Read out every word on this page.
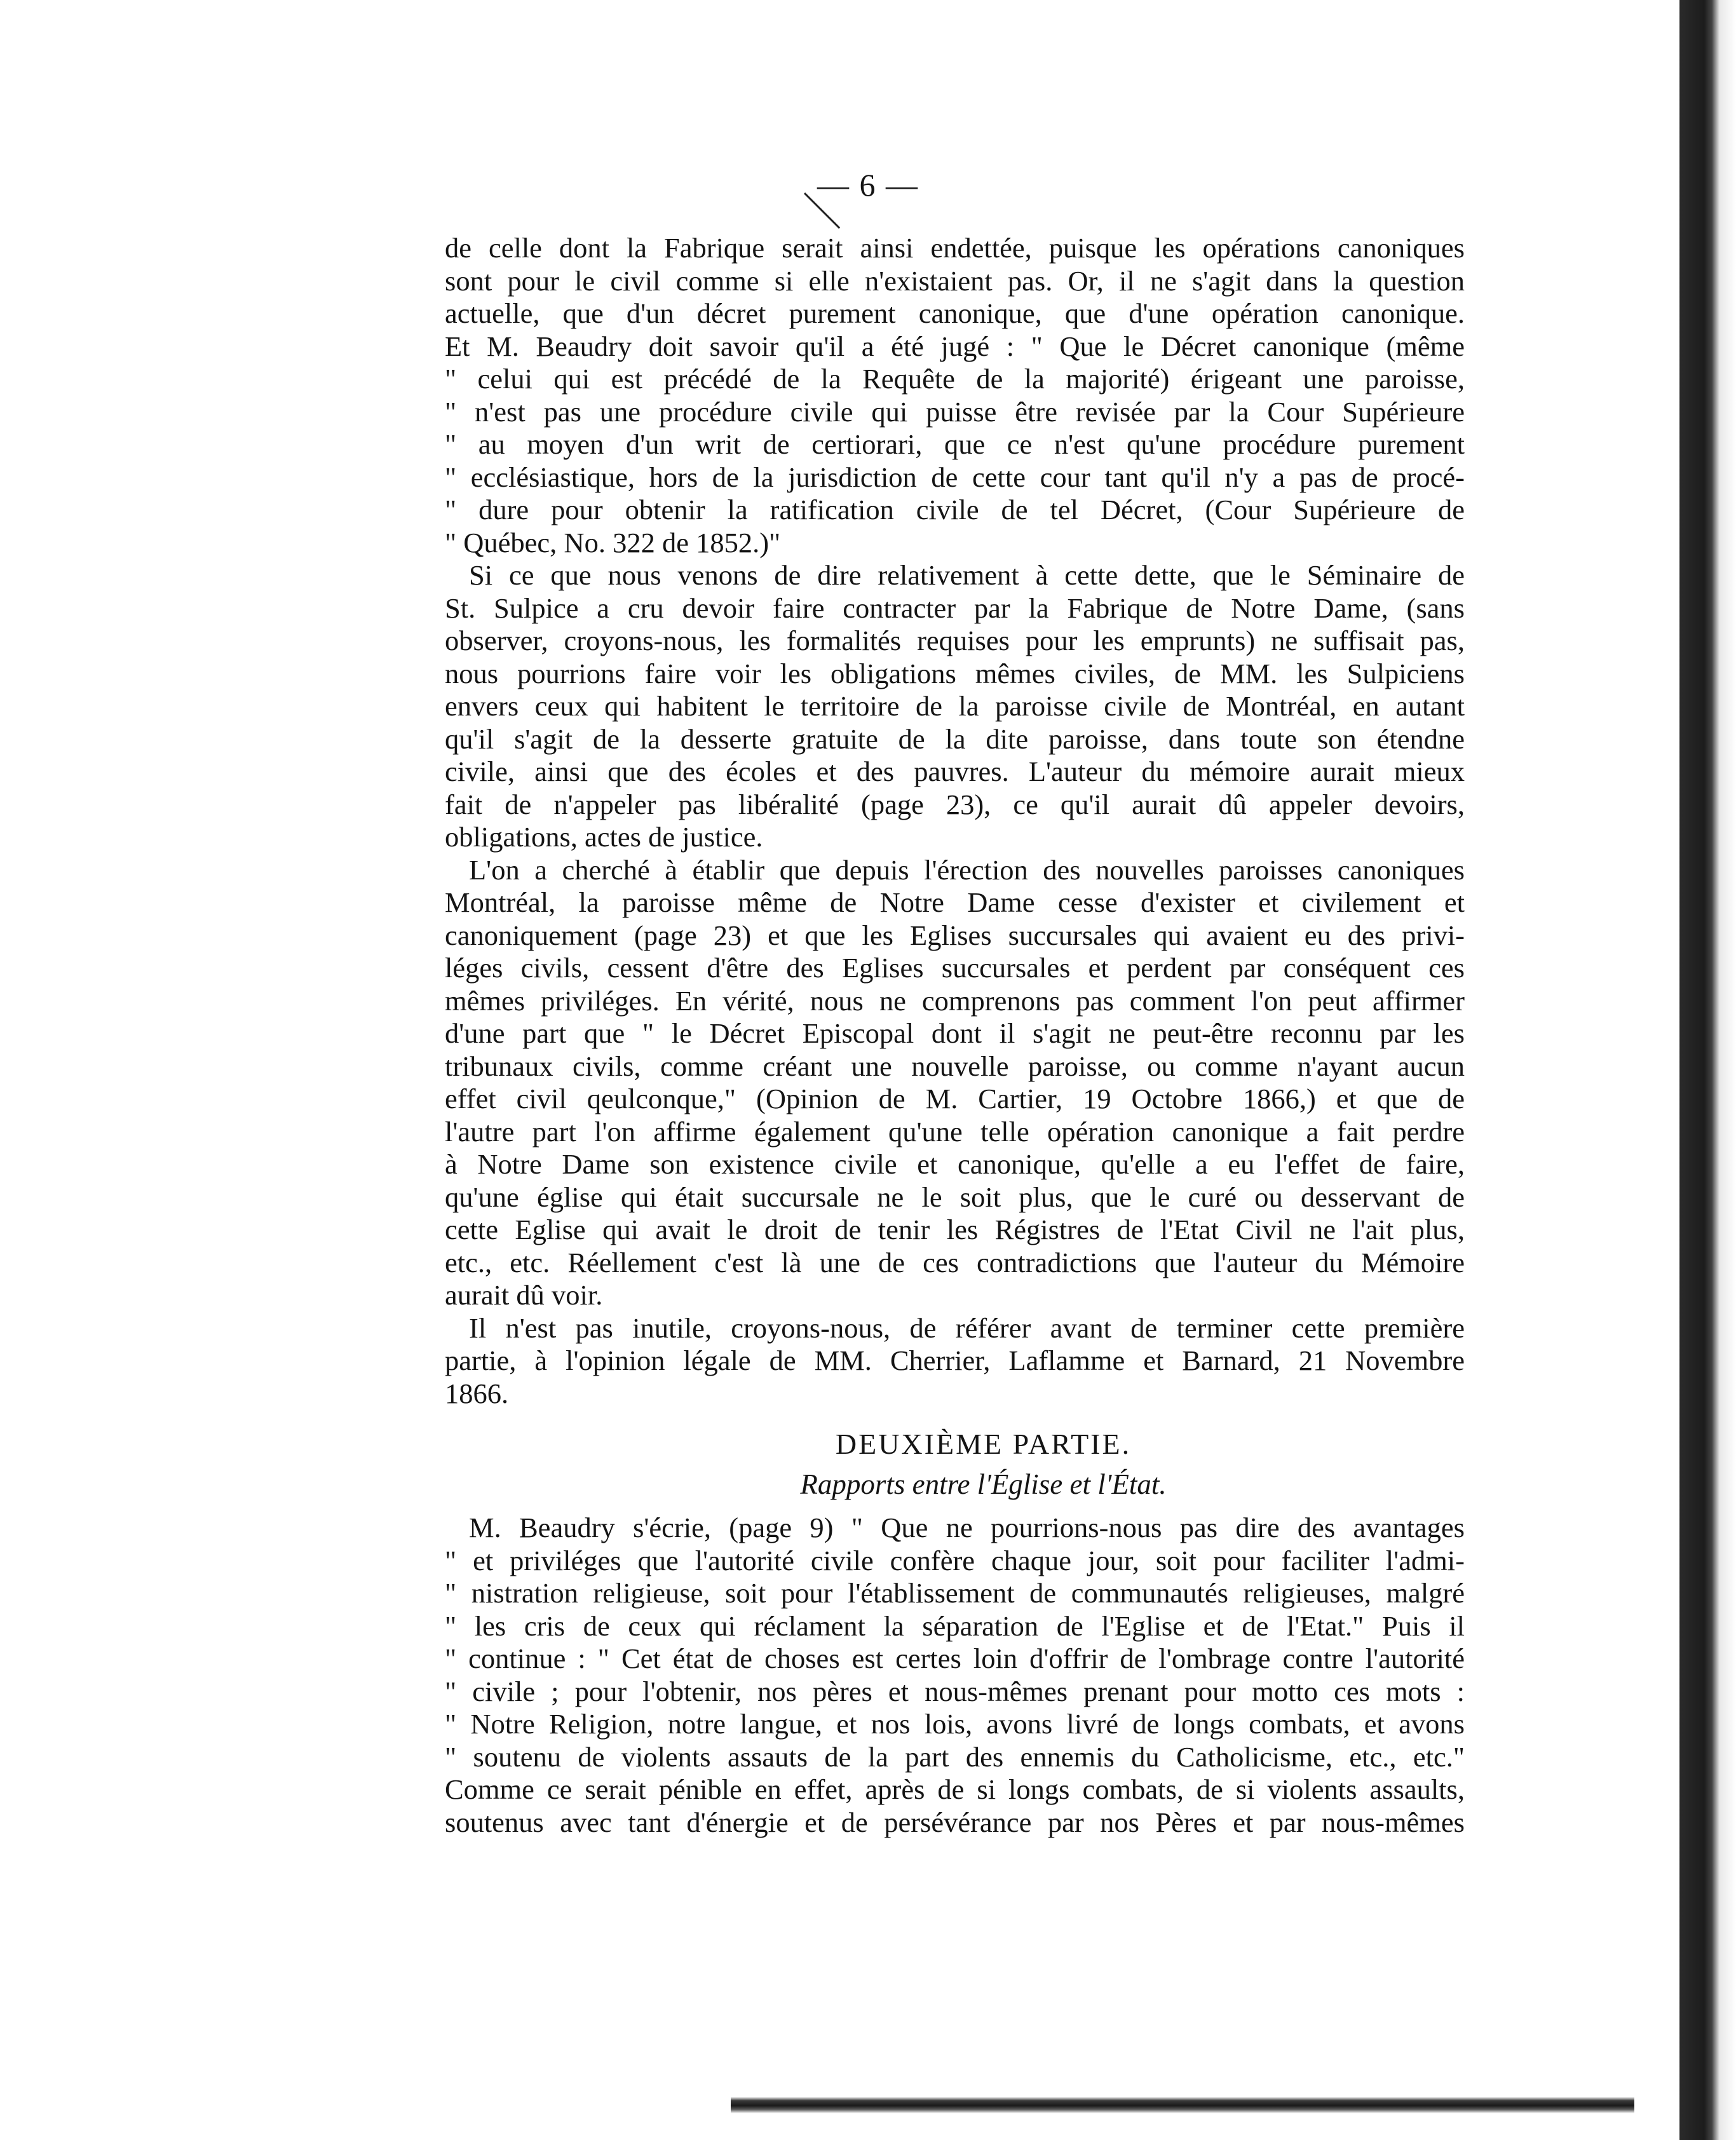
— 6 —
de celle dont la Fabrique serait ainsi endettée, puisque les opérations canoniques
sont pour le civil comme si elle n'existaient pas. Or, il ne s'agit dans la question
actuelle, que d'un décret purement canonique, que d'une opération canonique.
Et M. Beaudry doit savoir qu'il a été jugé : " Que le Décret canonique (même
" celui qui est précédé de la Requête de la majorité) érigeant une paroisse,
" n'est pas une procédure civile qui puisse être revisée par la Cour Supérieure
" au moyen d'un writ de certiorari, que ce n'est qu'une procédure purement
" ecclésiastique, hors de la jurisdiction de cette cour tant qu'il n'y a pas de procé-
" dure pour obtenir la ratification civile de tel Décret, (Cour Supérieure de
" Québec, No. 322 de 1852.)"
Si ce que nous venons de dire relativement à cette dette, que le Séminaire de
St. Sulpice a cru devoir faire contracter par la Fabrique de Notre Dame, (sans
observer, croyons-nous, les formalités requises pour les emprunts) ne suffisait pas,
nous pourrions faire voir les obligations mêmes civiles, de MM. les Sulpiciens
envers ceux qui habitent le territoire de la paroisse civile de Montréal, en autant
qu'il s'agit de la desserte gratuite de la dite paroisse, dans toute son étendne
civile, ainsi que des écoles et des pauvres. L'auteur du mémoire aurait mieux
fait de n'appeler pas libéralité (page 23), ce qu'il aurait dû appeler devoirs,
obligations, actes de justice.
L'on a cherché à établir que depuis l'érection des nouvelles paroisses canoniques
Montréal, la paroisse même de Notre Dame cesse d'exister et civilement et
canoniquement (page 23) et que les Eglises succursales qui avaient eu des privi-
léges civils, cessent d'être des Eglises succursales et perdent par conséquent ces
mêmes priviléges. En vérité, nous ne comprenons pas comment l'on peut affirmer
d'une part que " le Décret Episcopal dont il s'agit ne peut-être reconnu par les
tribunaux civils, comme créant une nouvelle paroisse, ou comme n'ayant aucun
effet civil qeulconque," (Opinion de M. Cartier, 19 Octobre 1866,) et que de
l'autre part l'on affirme également qu'une telle opération canonique a fait perdre
à Notre Dame son existence civile et canonique, qu'elle a eu l'effet de faire,
qu'une église qui était succursale ne le soit plus, que le curé ou desservant de
cette Eglise qui avait le droit de tenir les Régistres de l'Etat Civil ne l'ait plus,
etc., etc. Réellement c'est là une de ces contradictions que l'auteur du Mémoire
aurait dû voir.
Il n'est pas inutile, croyons-nous, de référer avant de terminer cette première
partie, à l'opinion légale de MM. Cherrier, Laflamme et Barnard, 21 Novembre
1866.
DEUXIÈME PARTIE.
Rapports entre l'Église et l'État.
M. Beaudry s'écrie, (page 9) " Que ne pourrions-nous pas dire des avantages
" et priviléges que l'autorité civile confère chaque jour, soit pour faciliter l'admi-
" nistration religieuse, soit pour l'établissement de communautés religieuses, malgré
" les cris de ceux qui réclament la séparation de l'Eglise et de l'Etat." Puis il
" continue : " Cet état de choses est certes loin d'offrir de l'ombrage contre l'autorité
" civile ; pour l'obtenir, nos pères et nous-mêmes prenant pour motto ces mots :
" Notre Religion, notre langue, et nos lois, avons livré de longs combats, et avons
" soutenu de violents assauts de la part des ennemis du Catholicisme, etc., etc."
Comme ce serait pénible en effet, après de si longs combats, de si violents assaults,
soutenus avec tant d'énergie et de persévérance par nos Pères et par nous-mêmes
